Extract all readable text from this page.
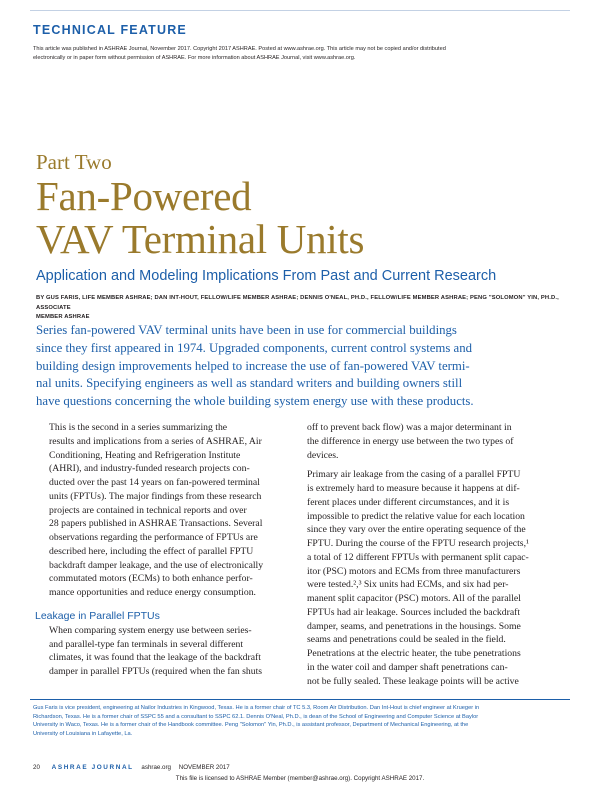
TECHNICAL FEATURE
This article was published in ASHRAE Journal, November 2017. Copyright 2017 ASHRAE. Posted at www.ashrae.org. This article may not be copied and/or distributed
electronically or in paper form without permission of ASHRAE. For more information about ASHRAE Journal, visit www.ashrae.org.
Part Two
Fan-Powered
VAV Terminal Units
Application and Modeling Implications From Past and Current Research
BY GUS FARIS, LIFE MEMBER ASHRAE; DAN INT-HOUT, FELLOW/LIFE MEMBER ASHRAE; DENNIS O'NEAL, PH.D., FELLOW/LIFE MEMBER ASHRAE; PENG "SOLOMON" YIN, PH.D., ASSOCIATE
MEMBER ASHRAE
Series fan-powered VAV terminal units have been in use for commercial buildings
since they first appeared in 1974. Upgraded components, current control systems and
building design improvements helped to increase the use of fan-powered VAV termi-
nal units. Specifying engineers as well as standard writers and building owners still
have questions concerning the whole building system energy use with these products.
This is the second in a series summarizing the
results and implications from a series of ASHRAE, Air
Conditioning, Heating and Refrigeration Institute
(AHRI), and industry-funded research projects con-
ducted over the past 14 years on fan-powered terminal
units (FPTUs). The major findings from these research
projects are contained in technical reports and over
28 papers published in ASHRAE Transactions. Several
observations regarding the performance of FPTUs are
described here, including the effect of parallel FPTU
backdraft damper leakage, and the use of electronically
commutated motors (ECMs) to both enhance perfor-
mance opportunities and reduce energy consumption.
Leakage in Parallel FPTUs
When comparing system energy use between series-
and parallel-type fan terminals in several different
climates, it was found that the leakage of the backdraft
damper in parallel FPTUs (required when the fan shuts
off to prevent back flow) was a major determinant in
the difference in energy use between the two types of
devices.
Primary air leakage from the casing of a parallel FPTU
is extremely hard to measure because it happens at dif-
ferent places under different circumstances, and it is
impossible to predict the relative value for each location
since they vary over the entire operating sequence of the
FPTU. During the course of the FPTU research projects,¹
a total of 12 different FPTUs with permanent split capac-
itor (PSC) motors and ECMs from three manufacturers
were tested.²,³ Six units had ECMs, and six had per-
manent split capacitor (PSC) motors. All of the parallel
FPTUs had air leakage. Sources included the backdraft
damper, seams, and penetrations in the housings. Some
seams and penetrations could be sealed in the field.
Penetrations at the electric heater, the tube penetrations
in the water coil and damper shaft penetrations can-
not be fully sealed. These leakage points will be active
Gus Faris is vice president, engineering at Nailor Industries in Kingwood, Texas. He is a former chair of TC 5.3, Room Air Distribution. Dan Int-Hout is chief engineer at Krueger in
Richardson, Texas. He is a former chair of SSPC 55 and a consultant to SSPC 62.1. Dennis O'Neal, Ph.D., is dean of the School of Engineering and Computer Science at Baylor
University in Waco, Texas. He is a former chair of the Handbook committee. Peng "Solomon" Yin, Ph.D., is assistant professor, Department of Mechanical Engineering, at the
University of Louisiana in Lafayette, La.
20 ASHRAE JOURNAL ashrae.org NOVEMBER 2017
This file is licensed to ASHRAE Member (member@ashrae.org). Copyright ASHRAE 2017.
